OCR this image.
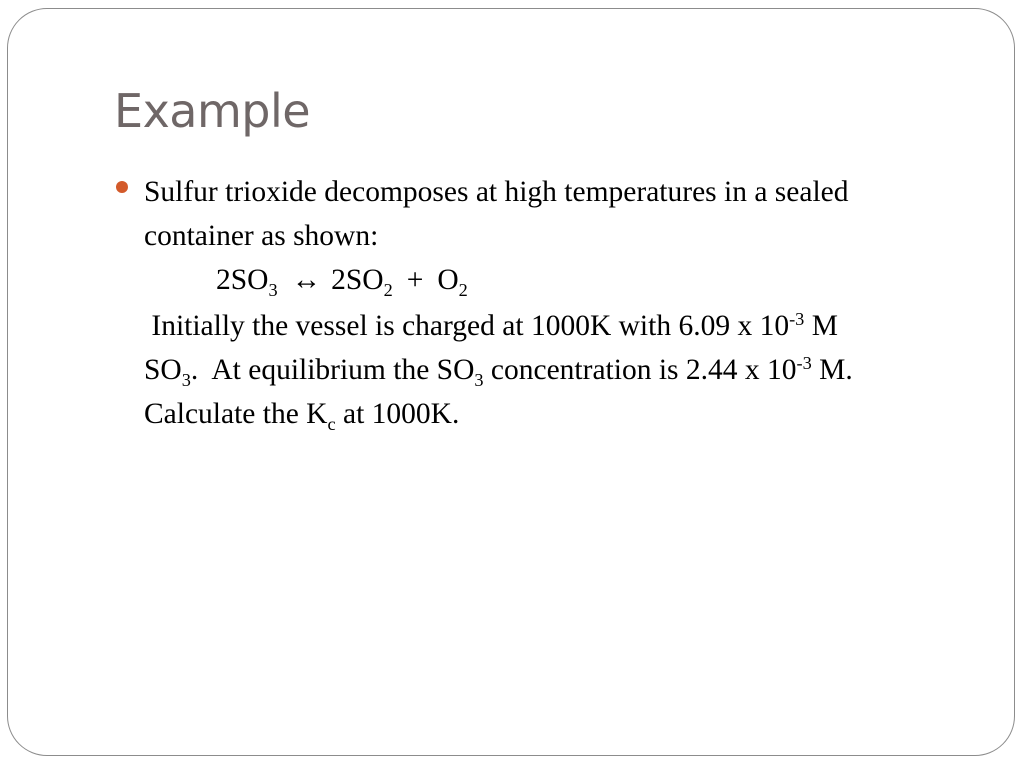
Example
Sulfur trioxide decomposes at high temperatures in a sealed
container as shown:
$2SO_3$ ↔ $2SO_2 + O_2$
Initially the vessel is charged at 1000K with 6.09 x $10^{-3}$ M
$SO_3$.  At equilibrium the $SO_3$ concentration is 2.44 x $10^{-3}$ M.
Calculate the $K_c$ at 1000K.
